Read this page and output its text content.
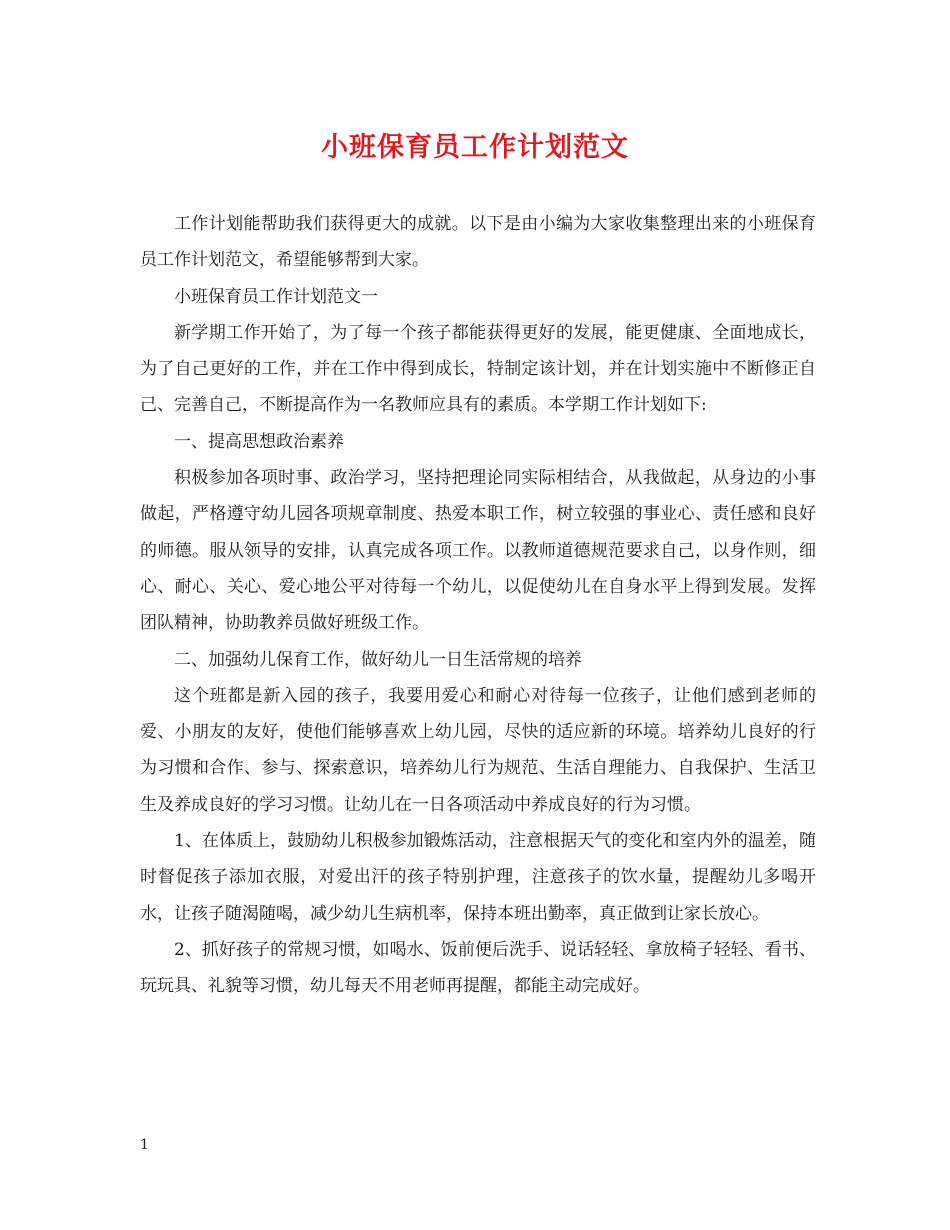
小班保育员工作计划范文

工作计划能帮助我们获得更大的成就。以下是由小编为大家收集整理出来的小班保育员工作计划范文，希望能够帮到大家。

小班保育员工作计划范文一

新学期工作开始了，为了每一个孩子都能获得更好的发展，能更健康、全面地成长，为了自己更好的工作，并在工作中得到成长，特制定该计划，并在计划实施中不断修正自己、完善自己，不断提高作为一名教师应具有的素质。本学期工作计划如下:

一、提高思想政治素养

积极参加各项时事、政治学习，坚持把理论同实际相结合，从我做起，从身边的小事做起，严格遵守幼儿园各项规章制度、热爱本职工作，树立较强的事业心、责任感和良好的师德。服从领导的安排，认真完成各项工作。以教师道德规范要求自己，以身作则，细心、耐心、关心、爱心地公平对待每一个幼儿，以促使幼儿在自身水平上得到发展。发挥团队精神，协助教养员做好班级工作。

二、加强幼儿保育工作，做好幼儿一日生活常规的培养

这个班都是新入园的孩子，我要用爱心和耐心对待每一位孩子，让他们感到老师的爱、小朋友的友好，使他们能够喜欢上幼儿园，尽快的适应新的环境。培养幼儿良好的行为习惯和合作、参与、探索意识，培养幼儿行为规范、生活自理能力、自我保护、生活卫生及养成良好的学习习惯。让幼儿在一日各项活动中养成良好的行为习惯。

1、在体质上，鼓励幼儿积极参加锻炼活动，注意根据天气的变化和室内外的温差，随时督促孩子添加衣服，对爱出汗的孩子特别护理，注意孩子的饮水量，提醒幼儿多喝开水，让孩子随渴随喝，减少幼儿生病机率，保持本班出勤率，真正做到让家长放心。

2、抓好孩子的常规习惯，如喝水、饭前便后洗手、说话轻轻、拿放椅子轻轻、看书、玩玩具、礼貌等习惯，幼儿每天不用老师再提醒，都能主动完成好。

1
